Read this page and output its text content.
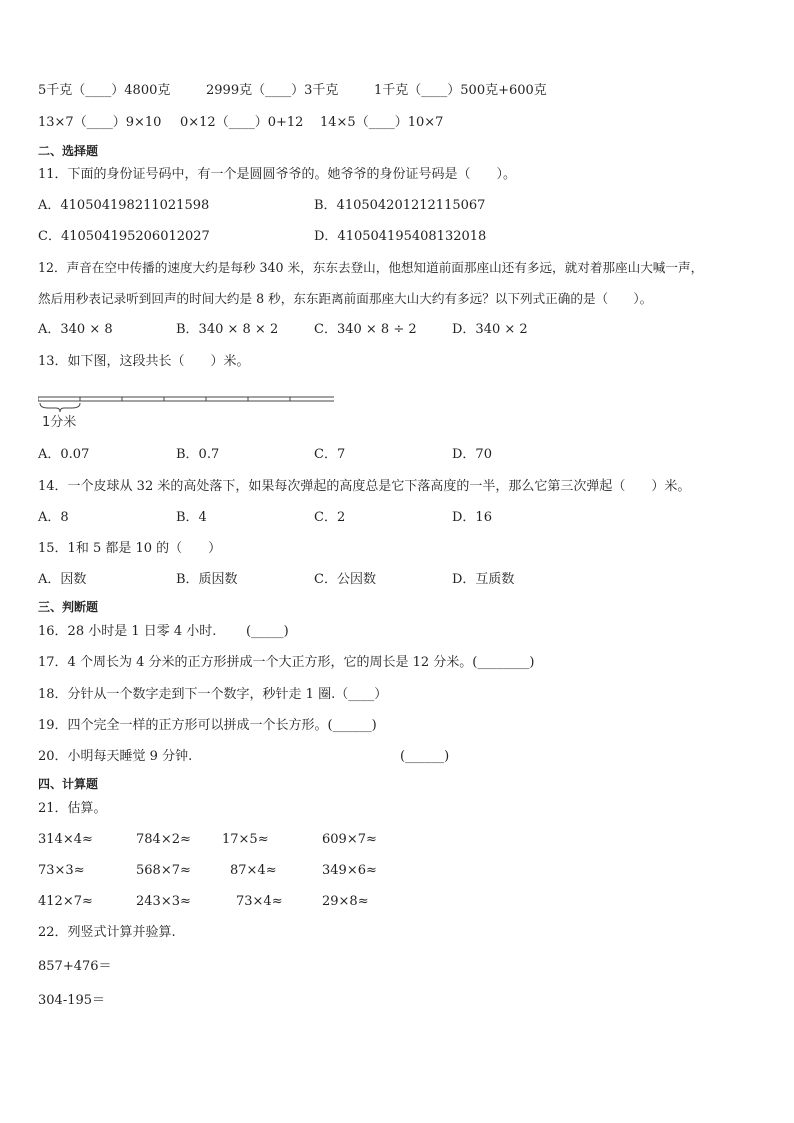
5千克（____）4800克	2999克（____）3千克	1千克（____）500克+600克
13×7（____）9×10 0×12（____）0+12 14×5（____）10×7
二、选择题
11．下面的身份证号码中，有一个是圆圆爷爷的。她爷爷的身份证号码是（　　）。
A．410504198211021598	B．410504201212115067
C．410504195206012027	D．410504195408132018
12．声音在空中传播的速度大约是每秒 340 米，东东去登山，他想知道前面那座山还有多远，就对着那座山大喊一声，
然后用秒表记录听到回声的时间大约是 8 秒，东东距离前面那座大山大约有多远？以下列式正确的是（　　）。
A．340 × 8	B．340 × 8 × 2	C．340 × 8 ÷ 2	D．340 × 2
13．如下图，这段共长（　　）米。
1分米
A．0.07	B．0.7	C．7	D．70
14．一个皮球从 32 米的高处落下，如果每次弹起的高度总是它下落高度的一半，那么它第三次弹起（　　）米。
A．8	B．4	C．2	D．16
15．1和 5 都是 10 的（　　）
A．因数	B．质因数	C．公因数	D．互质数
三、判断题
16．28 小时是 1 日零 4 小时. (_____)
17．4 个周长为 4 分米的正方形拼成一个大正方形，它的周长是 12 分米。(________)
18．分针从一个数字走到下一个数字，秒针走 1 圈.（____）
19．四个完全一样的正方形可以拼成一个长方形。(______)
20．小明每天睡觉 9 分钟.	(______)
四、计算题
21．估算。
314×4≈	784×2≈ 17×5≈	609×7≈
73×3≈	568×7≈	87×4≈	349×6≈
412×7≈	243×3≈	73×4≈	29×8≈
22．列竖式计算并验算.
857+476＝
304-195＝
